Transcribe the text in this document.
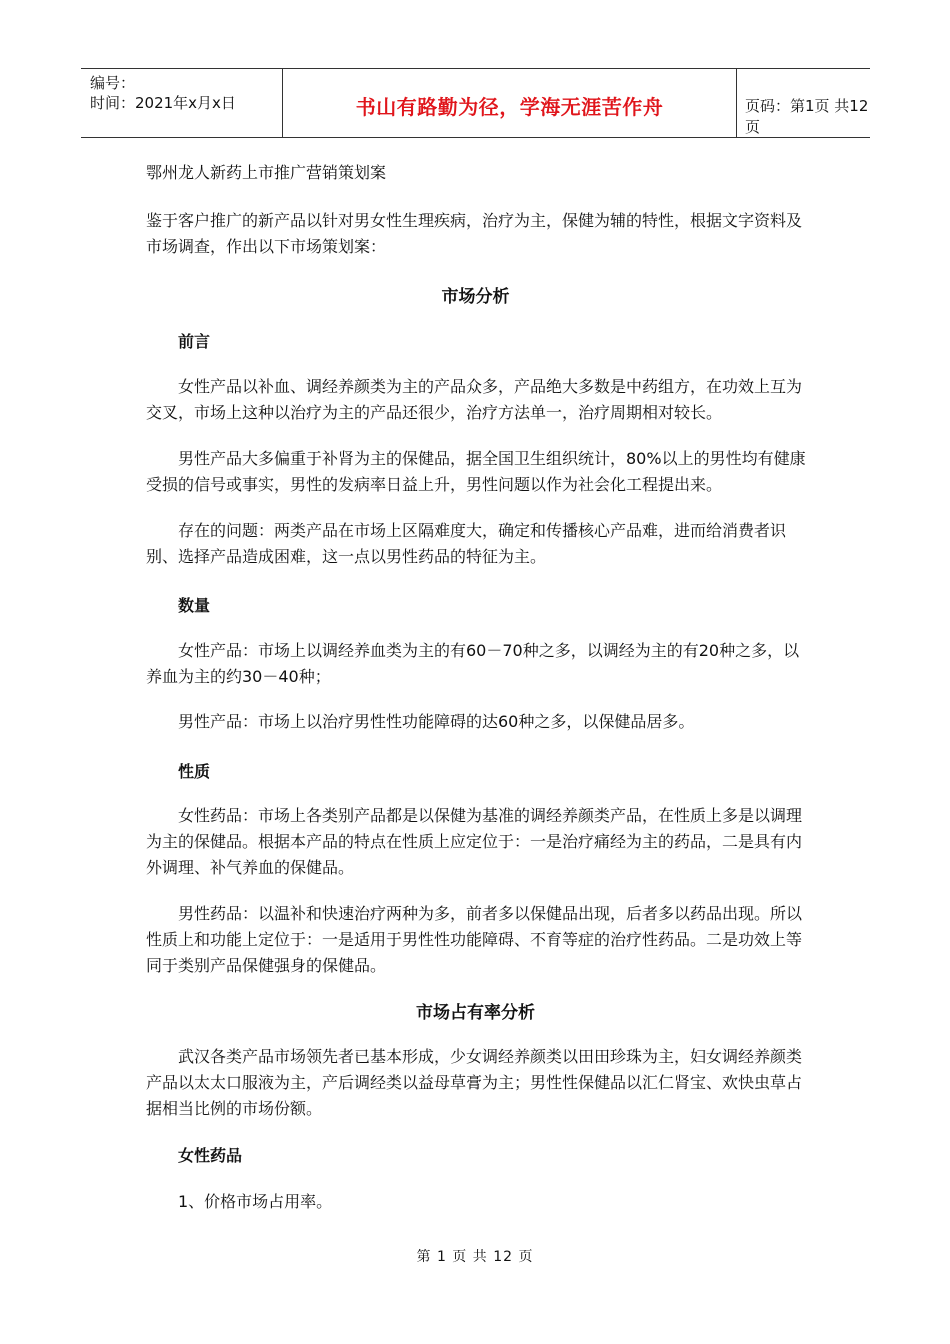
编号：
时间：2021年x月x日	书山有路勤为径，学海无涯苦作舟	页码：第1页 共12页
鄂州龙人新药上市推广营销策划案
鉴于客户推广的新产品以针对男女性生理疾病，治疗为主，保健为辅的特性，根据文字资料及市场调查，作出以下市场策划案：
市场分析
前言
女性产品以补血、调经养颜类为主的产品众多，产品绝大多数是中药组方，在功效上互为交叉，市场上这种以治疗为主的产品还很少，治疗方法单一，治疗周期相对较长。
男性产品大多偏重于补肾为主的保健品，据全国卫生组织统计，80%以上的男性均有健康受损的信号或事实，男性的发病率日益上升，男性问题以作为社会化工程提出来。
存在的问题：两类产品在市场上区隔难度大，确定和传播核心产品难，进而给消费者识别、选择产品造成困难，这一点以男性药品的特征为主。
数量
女性产品：市场上以调经养血类为主的有60－70种之多，以调经为主的有20种之多，以养血为主的约30－40种；
男性产品：市场上以治疗男性性功能障碍的达60种之多，以保健品居多。
性质
女性药品：市场上各类别产品都是以保健为基准的调经养颜类产品，在性质上多是以调理为主的保健品。根据本产品的特点在性质上应定位于：一是治疗痛经为主的药品，二是具有内外调理、补气养血的保健品。
男性药品：以温补和快速治疗两种为多，前者多以保健品出现，后者多以药品出现。所以性质上和功能上定位于：一是适用于男性性功能障碍、不育等症的治疗性药品。二是功效上等同于类别产品保健强身的保健品。
市场占有率分析
武汉各类产品市场领先者已基本形成，少女调经养颜类以田田珍珠为主，妇女调经养颜类产品以太太口服液为主，产后调经类以益母草膏为主；男性性保健品以汇仁肾宝、欢快虫草占据相当比例的市场份额。
女性药品
1、价格市场占用率。
第 1 页 共 12 页
